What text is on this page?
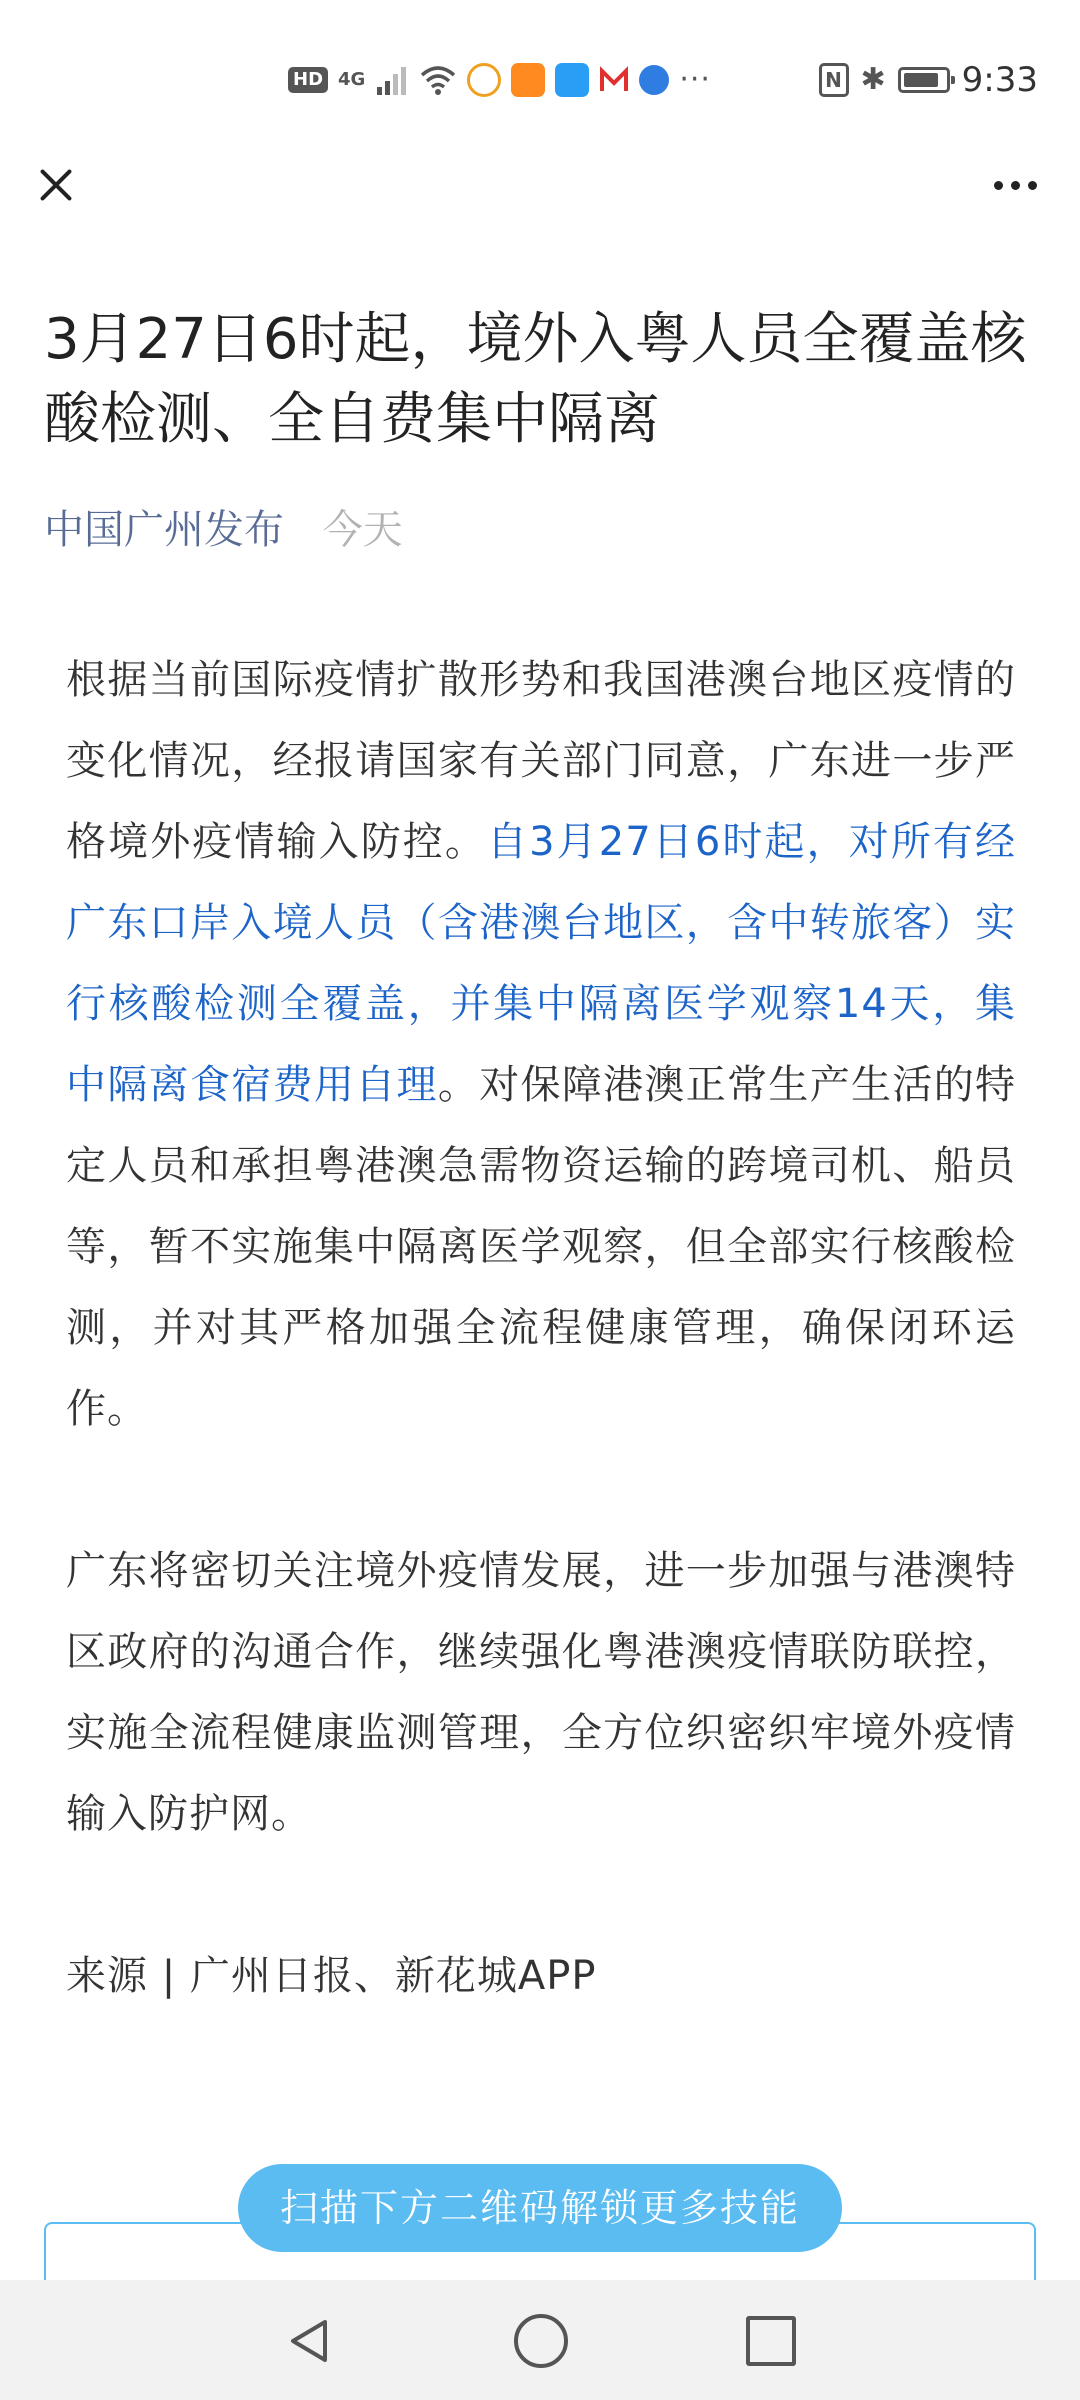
HD 4G	···	N ✱ 9:33
3月27日6时起，境外入粤人员全覆盖核酸检测、全自费集中隔离
中国广州发布 今天

根据当前国际疫情扩散形势和我国港澳台地区疫情的变化情况，经报请国家有关部门同意，广东进一步严格境外疫情输入防控。自3月27日6时起，对所有经广东口岸入境人员（含港澳台地区，含中转旅客）实行核酸检测全覆盖，并集中隔离医学观察14天，集中隔离食宿费用自理。对保障港澳正常生产生活的特定人员和承担粤港澳急需物资运输的跨境司机、船员等，暂不实施集中隔离医学观察，但全部实行核酸检测，并对其严格加强全流程健康管理，确保闭环运作。

广东将密切关注境外疫情发展，进一步加强与港澳特区政府的沟通合作，继续强化粤港澳疫情联防联控，实施全流程健康监测管理，全方位织密织牢境外疫情输入防护网。

来源 | 广州日报、新花城APP

扫描下方二维码解锁更多技能
